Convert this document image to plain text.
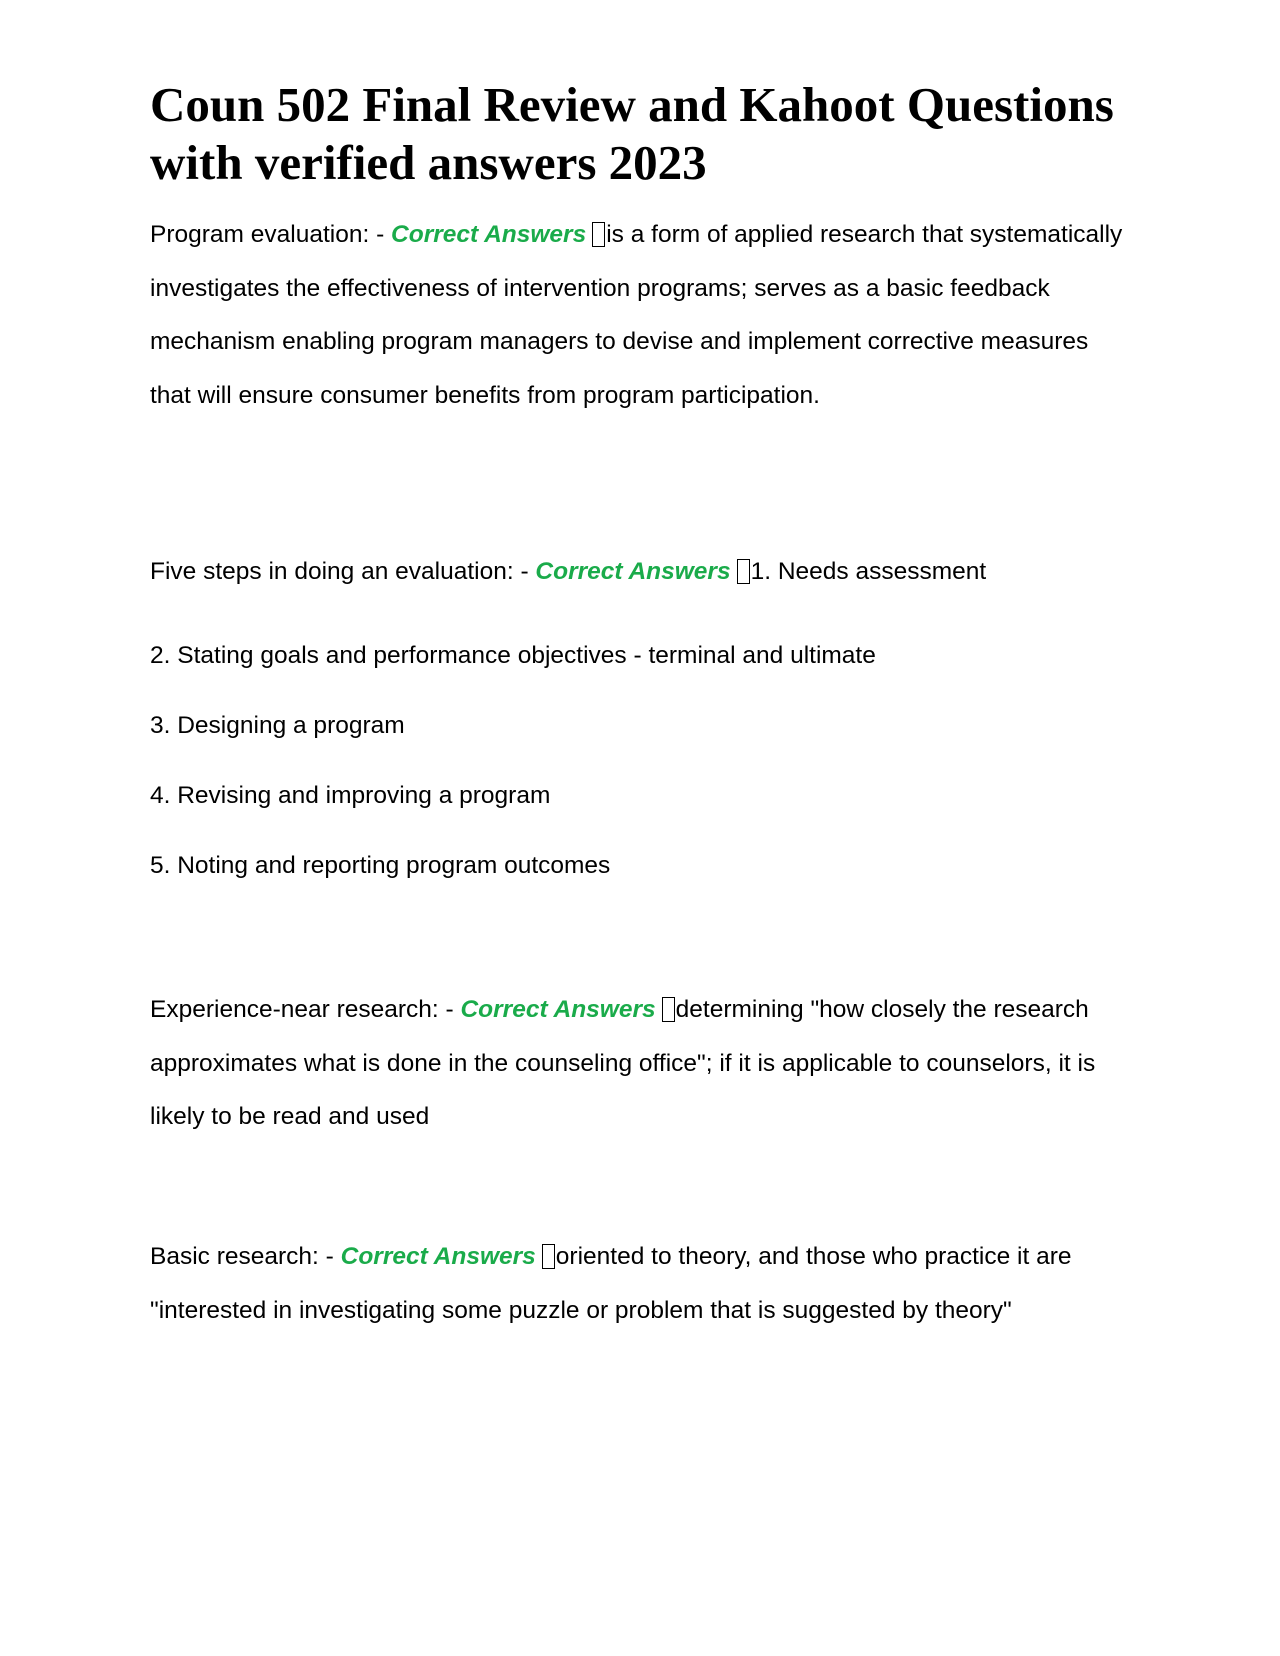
Coun 502 Final Review and Kahoot Questions with verified answers 2023

Program evaluation: - Correct Answers is a form of applied research that systematically investigates the effectiveness of intervention programs; serves as a basic feedback mechanism enabling program managers to devise and implement corrective measures that will ensure consumer benefits from program participation.

Five steps in doing an evaluation: - Correct Answers 1. Needs assessment

2. Stating goals and performance objectives - terminal and ultimate

3. Designing a program

4. Revising and improving a program

5. Noting and reporting program outcomes

Experience-near research: - Correct Answers determining "how closely the research approximates what is done in the counseling office"; if it is applicable to counselors, it is likely to be read and used

Basic research: - Correct Answers oriented to theory, and those who practice it are "interested in investigating some puzzle or problem that is suggested by theory"
